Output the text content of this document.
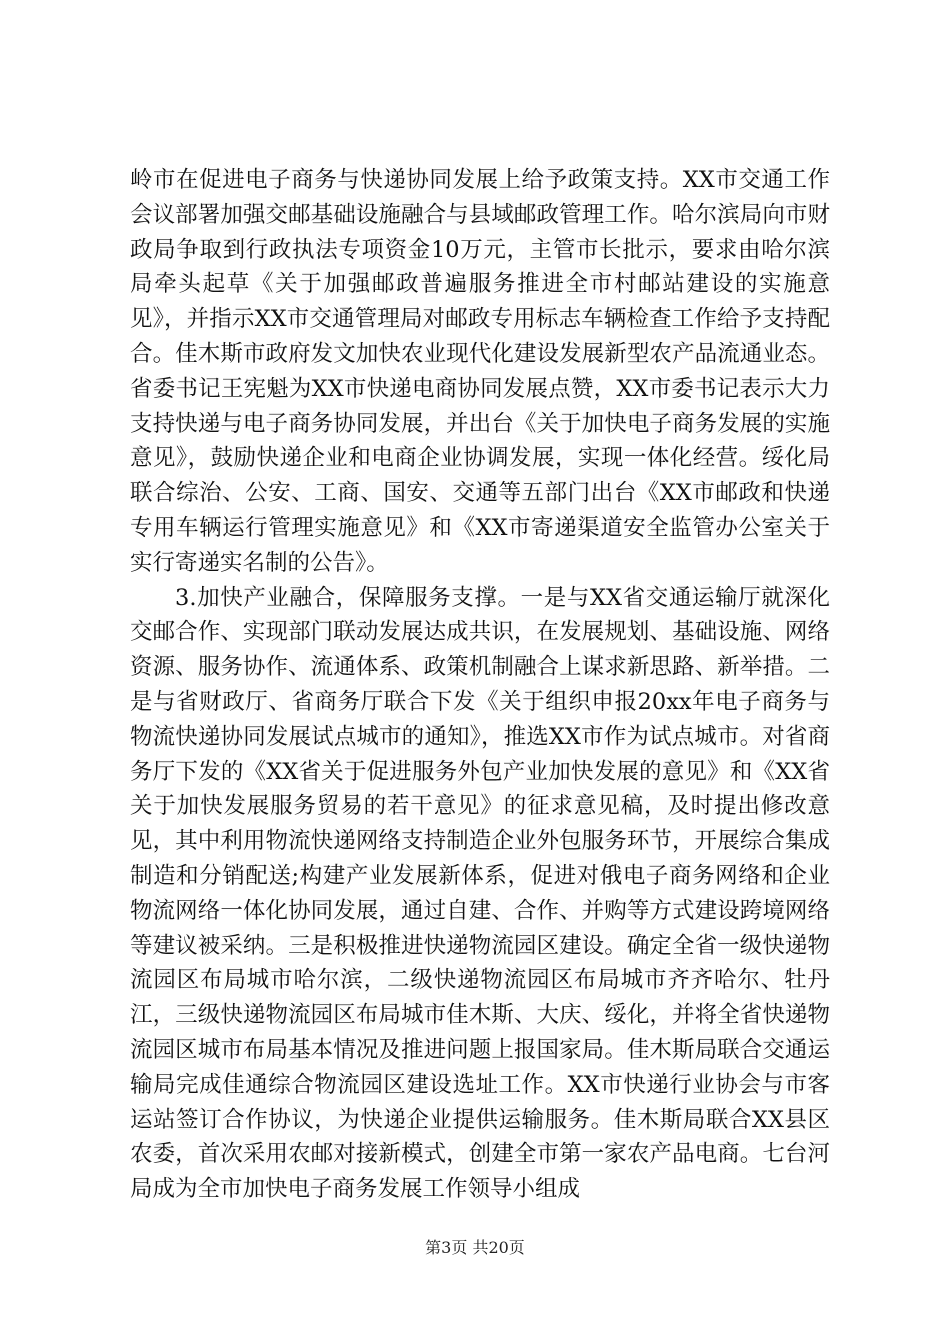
岭市在促进电子商务与快递协同发展上给予政策支持。XX市交通工作会议部署加强交邮基础设施融合与县域邮政管理工作。哈尔滨局向市财政局争取到行政执法专项资金10万元，主管市长批示，要求由哈尔滨局牵头起草《关于加强邮政普遍服务推进全市村邮站建设的实施意见》，并指示XX市交通管理局对邮政专用标志车辆检查工作给予支持配合。佳木斯市政府发文加快农业现代化建设发展新型农产品流通业态。省委书记王宪魁为XX市快递电商协同发展点赞，XX市委书记表示大力支持快递与电子商务协同发展，并出台《关于加快电子商务发展的实施意见》，鼓励快递企业和电商企业协调发展，实现一体化经营。绥化局联合综治、公安、工商、国安、交通等五部门出台《XX市邮政和快递专用车辆运行管理实施意见》和《XX市寄递渠道安全监管办公室关于实行寄递实名制的公告》。

3.加快产业融合，保障服务支撑。一是与XX省交通运输厅就深化交邮合作、实现部门联动发展达成共识，在发展规划、基础设施、网络资源、服务协作、流通体系、政策机制融合上谋求新思路、新举措。二是与省财政厅、省商务厅联合下发《关于组织申报20xx年电子商务与物流快递协同发展试点城市的通知》，推选XX市作为试点城市。对省商务厅下发的《XX省关于促进服务外包产业加快发展的意见》和《XX省关于加快发展服务贸易的若干意见》的征求意见稿，及时提出修改意见，其中利用物流快递网络支持制造企业外包服务环节，开展综合集成制造和分销配送;构建产业发展新体系，促进对俄电子商务网络和企业物流网络一体化协同发展，通过自建、合作、并购等方式建设跨境网络等建议被采纳。三是积极推进快递物流园区建设。确定全省一级快递物流园区布局城市哈尔滨，二级快递物流园区布局城市齐齐哈尔、牡丹江，三级快递物流园区布局城市佳木斯、大庆、绥化，并将全省快递物流园区城市布局基本情况及推进问题上报国家局。佳木斯局联合交通运输局完成佳通综合物流园区建设选址工作。XX市快递行业协会与市客运站签订合作协议，为快递企业提供运输服务。佳木斯局联合XX县区农委，首次采用农邮对接新模式，创建全市第一家农产品电商。七台河局成为全市加快电子商务发展工作领导小组成

第3页 共20页
